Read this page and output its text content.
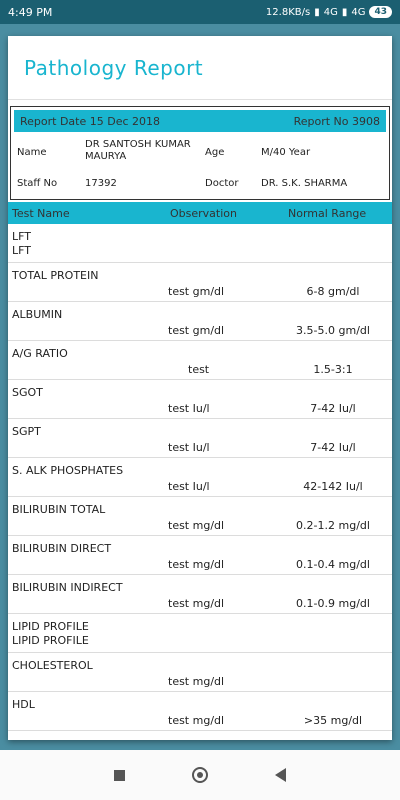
4:49 PM	12.8KB/s ▮ 4G ▮ 4G	43
Pathology Report
Report Date 15 Dec 2018	Report No 3908
Name
DR SANTOSH KUMAR
MAURYA	Age	M/40 Year
Staff No	17392	Doctor DR. S.K. SHARMA
Test Name	Observation	Normal Range
LFT
LFT
TOTAL PROTEIN
test gm/dl	6-8 gm/dl
ALBUMIN
test gm/dl	3.5-5.0 gm/dl
A/G RATIO
test	1.5-3:1
SGOT
test Iu/l	7-42 Iu/l
SGPT
test Iu/l	7-42 Iu/l
S. ALK PHOSPHATES
test Iu/l	42-142 Iu/l
BILIRUBIN TOTAL
test mg/dl	0.2-1.2 mg/dl
BILIRUBIN DIRECT
test mg/dl	0.1-0.4 mg/dl
BILIRUBIN INDIRECT
test mg/dl	0.1-0.9 mg/dl
LIPID PROFILE
LIPID PROFILE
CHOLESTEROL
test mg/dl
HDL
test mg/dl	>35 mg/dl
